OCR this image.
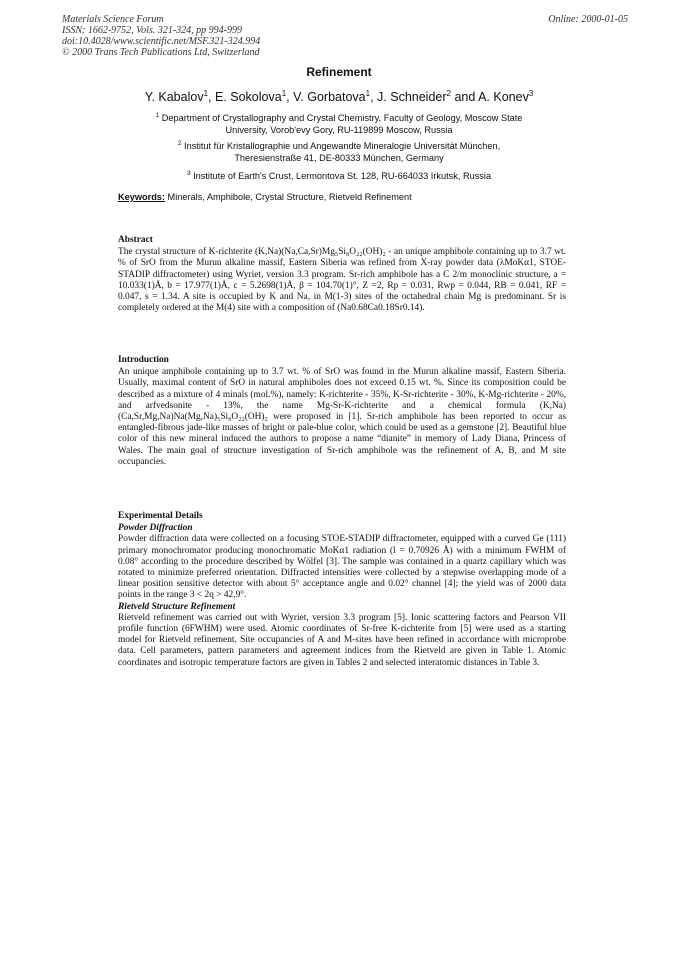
Materials Science Forum
ISSN: 1662-9752, Vols. 321-324, pp 994-999
doi:10.4028/www.scientific.net/MSF.321-324.994
© 2000 Trans Tech Publications Ltd, Switzerland
Online: 2000-01-05
Refinement
Y. Kabalov$^1$, E. Sokolova$^1$, V. Gorbatova$^1$, J. Schneider$^2$ and A. Konev$^3$
$^1$ Department of Crystallography and Crystal Chemistry, Faculty of Geology, Moscow State
University, Vorob'evy Gory, RU-119899 Moscow, Russia
$^2$ Institut für Kristallographie und Angewandte Mineralogie Universität München,
Theresienstraße 41, DE-80333 München, Germany
$^3$ Institute of Earth's Crust, Lermontova St. 128, RU-664033 Irkutsk, Russia
Keywords: Minerals, Amphibole, Crystal Structure, Rietveld Refinement
Abstract

The crystal structure of K-richterite (K,Na)(Na,Ca,Sr)Mg₅Si₈O₂₂(OH)₂ - an unique amphibole containing up to 3.7 wt. % of SrO from the Murun alkaline massif, Eastern Siberia was refined from X-ray powder data (λMoKα1, STOE-STADIP diffractometer) using Wyriet, version 3.3 program. Sr-rich amphibole has a C 2/m monoclinic structure, a = 10.033(1)Å, b = 17.977(1)Å, c = 5.2698(1)Å, β = 104.70(1)°, Z =2, Rp = 0.031, Rwp = 0.044, RB = 0.041, RF = 0.047, s = 1.34. A site is occupied by K and Na, in M(1-3) sites of the octahedral chain Mg is predominant. Sr is completely ordered at the M(4) site with a composition of (Na0.68Ca0.18Sr0.14).

Introduction

An unique amphibole containing up to 3.7 wt. % of SrO was found in the Murun alkaline massif, Eastern Siberia. Usually, maximal content of SrO in natural amphiboles does not exceed 0.15 wt. %. Since its composition could be described as a mixture of 4 minals (mol.%), namely: K-richterite - 35%, K-Sr-richterite - 30%, K-Mg-richterite - 20%, and arfvedsonite - 13%, the name Mg-Sr-K-richterite and a chemical formula (K,Na)(Ca,Sr,Mg,Na)Na(Mg,Na)₅Si₈O₂₂(OH)₂ were proposed in [1]. Sr-rich amphibole has been reported to occur as entangled-fibrous jade-like masses of bright or pale-blue color, which could be used as a gemstone [2]. Beautiful blue color of this new mineral induced the authors to propose a name “dianite” in memory of Lady Diana, Princess of Wales. The main goal of structure investigation of Sr-rich amphibole was the refinement of A, B, and M site occupancies.

Experimental Details
Powder Diffraction

Powder diffraction data were collected on a focusing STOE-STADIP diffractometer, equipped with a curved Ge (111) primary monochromator producing monochromatic MoKα1 radiation (l = 0.70926 Å) with a minimum FWHM of 0.08° according to the procedure described by Wölfel [3]. The sample was contained in a quartz capillary which was rotated to minimize preferred orientation. Diffracted intensities were collected by a stepwise overlapping mode of a linear position sensitive detector with about 5° acceptance angle and 0.02° channel [4]; the yield was of 2000 data points in the range 3 < 2q > 42,9°.

Rietveld Structure Refinement

Rietveld refinement was carried out with Wyriet, version 3.3 program [5]. Ionic scattering factors and Pearson VII profile function (6FWHM) were used. Atomic coordinates of Sr-free K-richterite from [5] were used as a starting model for Rietveld refinement. Site occupancies of A and M-sites have been refined in accordance with microprobe data. Cell parameters, pattern parameters and agreement indices from the Rietveld are given in Table 1. Atomic coordinates and isotropic temperature factors are given in Tables 2 and selected interatomic distances in Table 3.
